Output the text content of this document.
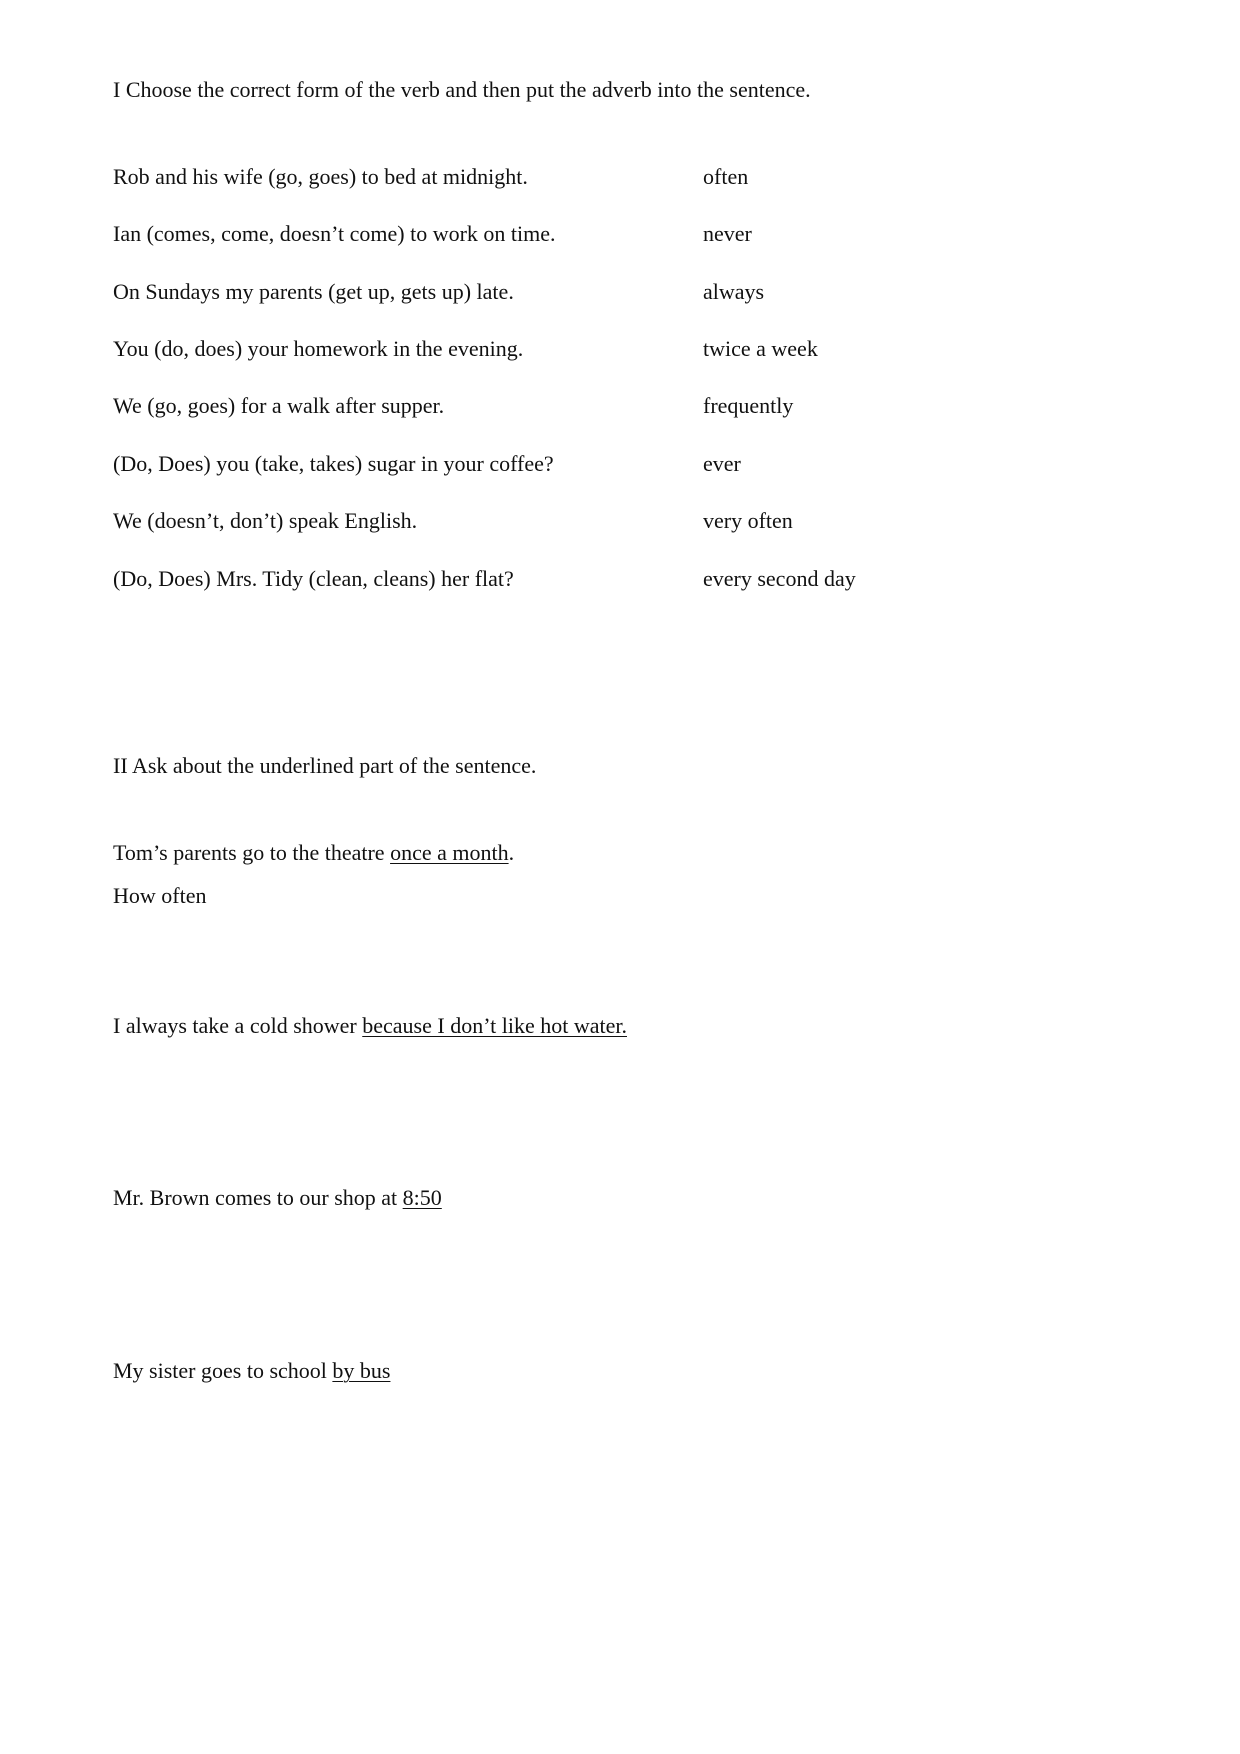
I Choose the correct form of the verb and then put the adverb into the sentence.
Rob and his wife (go, goes) to bed at midnight.	often
Ian (comes, come, doesn’t come) to work on time.	never
On Sundays my parents (get up, gets up) late.	always
You (do, does) your homework in the evening.	twice a week
We (go, goes) for a walk after supper.	frequently
(Do, Does) you (take, takes) sugar in your coffee?	ever
We (doesn’t, don’t) speak English.	very often
(Do, Does) Mrs. Tidy (clean, cleans) her flat?	every second day
II Ask about the underlined part of the sentence.
Tom’s parents go to the theatre once a month.
How often
I always take a cold shower because I don’t like hot water.
Mr. Brown comes to our shop at 8:50
My sister goes to school by bus
